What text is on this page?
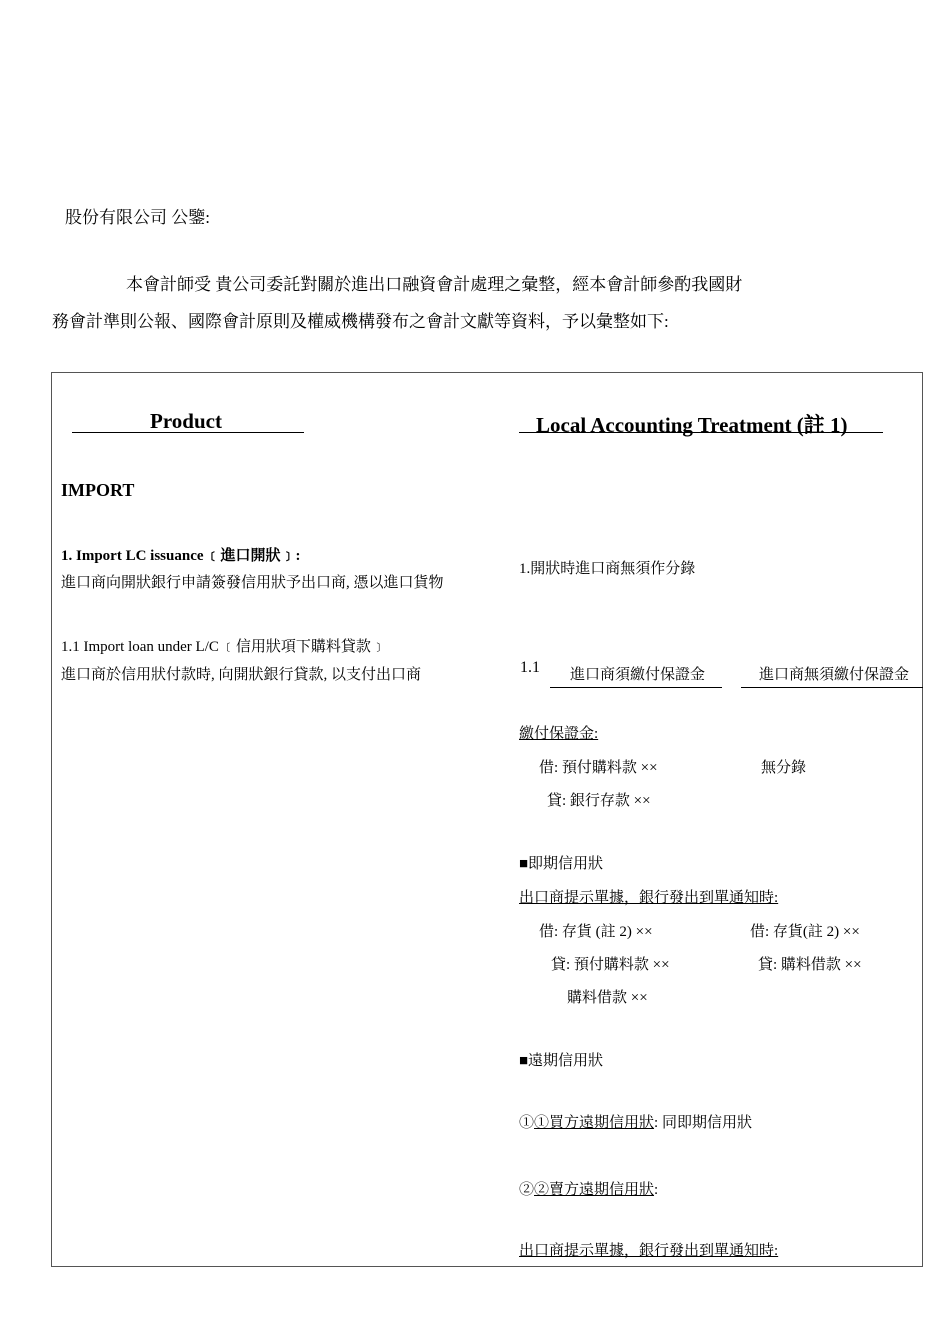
股份有限公司 公鑒:
本會計師受 貴公司委託對關於進出口融資會計處理之彙整，經本會計師參酌我國財
務會計準則公報、國際會計原則及權威機構發布之會計文獻等資料，予以彙整如下:
Product	Local Accounting Treatment (註 1)
IMPORT
1. Import LC issuance ﹝進口開狀﹞:
進口商向開狀銀行申請簽發信用狀予出口商, 憑以進口貨物
1.開狀時進口商無須作分錄
1.1 Import loan under L/C ﹝信用狀項下購料貸款﹞
進口商於信用狀付款時, 向開狀銀行貸款, 以支付出口商	1.1 進口商須繳付保證金	進口商無須繳付保證金
繳付保證金:
借: 預付購料款 ××	無分錄
貸: 銀行存款 ××
■即期信用狀
出口商提示單據，銀行發出到單通知時:
借: 存貨 (註 2) ××	借: 存貨(註 2) ××
貸: 預付購料款 ××	貸: 購料借款 ××
購料借款 ××
■遠期信用狀
①①買方遠期信用狀: 同即期信用狀
②②賣方遠期信用狀:
出口商提示單據，銀行發出到單通知時:
